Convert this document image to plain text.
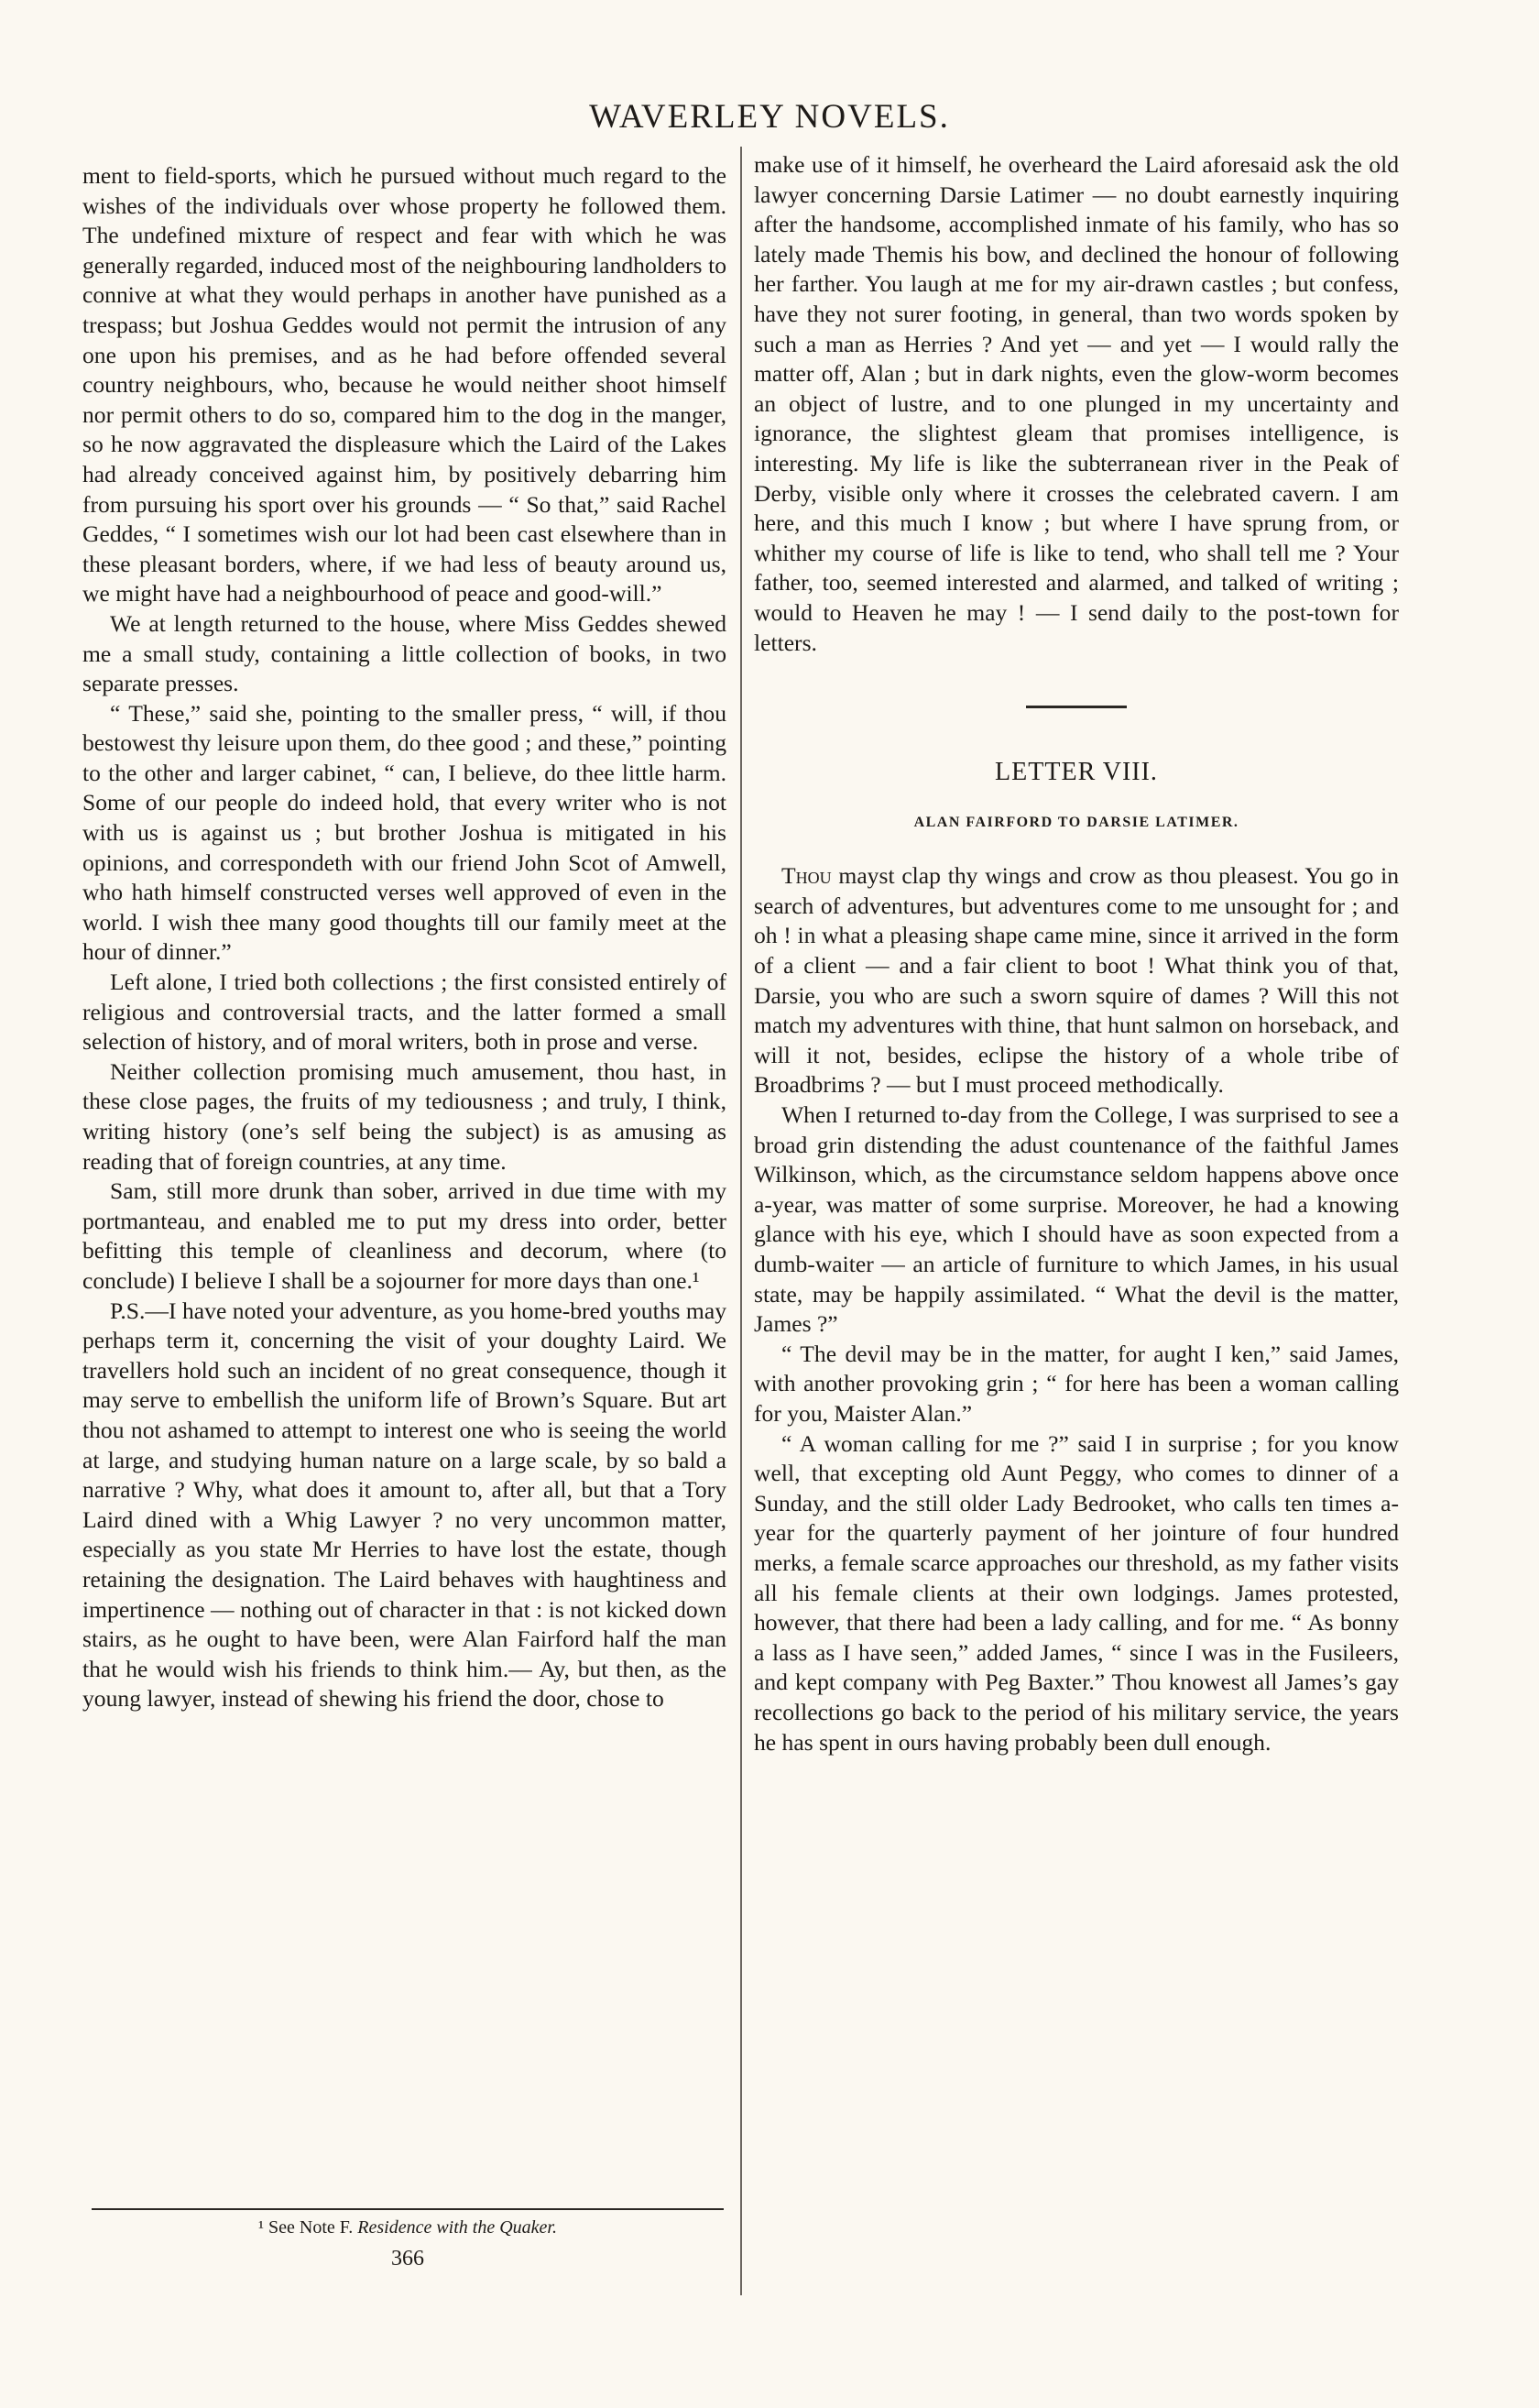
WAVERLEY NOVELS.

ment to field-sports, which he pursued without much regard to the wishes of the individuals over whose property he followed them. The undefined mixture of respect and fear with which he was generally regarded, induced most of the neighbouring landholders to connive at what they would perhaps in another have punished as a trespass; but Joshua Geddes would not permit the intrusion of any one upon his premises, and as he had before offended several country neighbours, who, because he would neither shoot himself nor permit others to do so, compared him to the dog in the manger, so he now aggravated the displeasure which the Laird of the Lakes had already conceived against him, by positively debarring him from pursuing his sport over his grounds — “ So that,” said Rachel Geddes, “ I sometimes wish our lot had been cast elsewhere than in these pleasant borders, where, if we had less of beauty around us, we might have had a neighbourhood of peace and good-will.”

We at length returned to the house, where Miss Geddes shewed me a small study, containing a little collection of books, in two separate presses.

“ These,” said she, pointing to the smaller press, “ will, if thou bestowest thy leisure upon them, do thee good ; and these,” pointing to the other and larger cabinet, “ can, I believe, do thee little harm. Some of our people do indeed hold, that every writer who is not with us is against us ; but brother Joshua is mitigated in his opinions, and correspondeth with our friend John Scot of Amwell, who hath himself constructed verses well approved of even in the world. I wish thee many good thoughts till our family meet at the hour of dinner.”

Left alone, I tried both collections ; the first consisted entirely of religious and controversial tracts, and the latter formed a small selection of history, and of moral writers, both in prose and verse.

Neither collection promising much amusement, thou hast, in these close pages, the fruits of my tediousness ; and truly, I think, writing history (one’s self being the subject) is as amusing as reading that of foreign countries, at any time.

Sam, still more drunk than sober, arrived in due time with my portmanteau, and enabled me to put my dress into order, better befitting this temple of cleanliness and decorum, where (to conclude) I believe I shall be a sojourner for more days than one.¹

P.S.—I have noted your adventure, as you home-bred youths may perhaps term it, concerning the visit of your doughty Laird. We travellers hold such an incident of no great consequence, though it may serve to embellish the uniform life of Brown’s Square. But art thou not ashamed to attempt to interest one who is seeing the world at large, and studying human nature on a large scale, by so bald a narrative ? Why, what does it amount to, after all, but that a Tory Laird dined with a Whig Lawyer ? no very uncommon matter, especially as you state Mr Herries to have lost the estate, though retaining the designation. The Laird behaves with haughtiness and impertinence — nothing out of character in that : is not kicked down stairs, as he ought to have been, were Alan Fairford half the man that he would wish his friends to think him.— Ay, but then, as the young lawyer, instead of shewing his friend the door, chose to

make use of it himself, he overheard the Laird aforesaid ask the old lawyer concerning Darsie Latimer — no doubt earnestly inquiring after the handsome, accomplished inmate of his family, who has so lately made Themis his bow, and declined the honour of following her farther. You laugh at me for my air-drawn castles ; but confess, have they not surer footing, in general, than two words spoken by such a man as Herries ? And yet — and yet — I would rally the matter off, Alan ; but in dark nights, even the glow-worm becomes an object of lustre, and to one plunged in my uncertainty and ignorance, the slightest gleam that promises intelligence, is interesting. My life is like the subterranean river in the Peak of Derby, visible only where it crosses the celebrated cavern. I am here, and this much I know ; but where I have sprung from, or whither my course of life is like to tend, who shall tell me ? Your father, too, seemed interested and alarmed, and talked of writing ; would to Heaven he may ! — I send daily to the post-town for letters.

LETTER VIII.
ALAN FAIRFORD TO DARSIE LATIMER.

Thou mayst clap thy wings and crow as thou pleasest. You go in search of adventures, but adventures come to me unsought for ; and oh ! in what a pleasing shape came mine, since it arrived in the form of a client — and a fair client to boot ! What think you of that, Darsie, you who are such a sworn squire of dames ? Will this not match my adventures with thine, that hunt salmon on horseback, and will it not, besides, eclipse the history of a whole tribe of Broadbrims ? — but I must proceed methodically.

When I returned to-day from the College, I was surprised to see a broad grin distending the adust countenance of the faithful James Wilkinson, which, as the circumstance seldom happens above once a-year, was matter of some surprise. Moreover, he had a knowing glance with his eye, which I should have as soon expected from a dumb-waiter — an article of furniture to which James, in his usual state, may be happily assimilated. “ What the devil is the matter, James ?”

“ The devil may be in the matter, for aught I ken,” said James, with another provoking grin ; “ for here has been a woman calling for you, Maister Alan.”

“ A woman calling for me ?” said I in surprise ; for you know well, that excepting old Aunt Peggy, who comes to dinner of a Sunday, and the still older Lady Bedrooket, who calls ten times a-year for the quarterly payment of her jointure of four hundred merks, a female scarce approaches our threshold, as my father visits all his female clients at their own lodgings. James protested, however, that there had been a lady calling, and for me. “ As bonny a lass as I have seen,” added James, “ since I was in the Fusileers, and kept company with Peg Baxter.” Thou knowest all James’s gay recollections go back to the period of his military service, the years he has spent in ours having probably been dull enough.

¹ See Note F. Residence with the Quaker.
366
